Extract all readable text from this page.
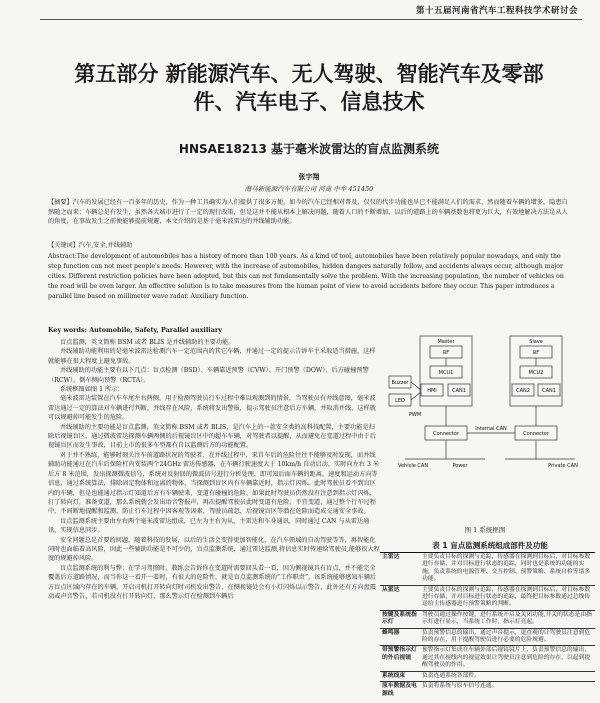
第十五届河南省汽车工程科技学术研讨会
第五部分 新能源汽车、无人驾驶、智能汽车及零部
件、汽车电子、信息技术
HNSAE18213 基于毫米波雷达的盲点监测系统
张宇翔
海马新能源汽车有限公司 河南 中牟 451450
【摘要】汽车的发展已经有一百多年的历史，作为一种工具确实为人们提供了很多方便，如今的汽车已经相对普及，仅仅的代步功能也早已不能满足人们的需求，然而随着车辆的增多，隐患自然随之而来；车辆总是有发生，虽然各大城市进行了一定的现行改策，但是这并不能从根本上解决问题，随着人口的不断增加，以后的道路上的车辆基数也将更为巨大，有效地解决方法是从人的角度，在事故发生之前便能够提前规避，本文介绍的是基于毫米波雷达的并线辅助功能。
【关键词】汽车,安全,并线辅助
Abstract:The development of automobiles has a history of more than 100 years. As a kind of tool, automobiles have been relatively popular nowadays, and only the step function can not meet people's needs. However, with the increase of automobiles, hidden dangers naturally follow, and accidents always occur, although major cities. Different restriction policies have been adopted, but this can not fundamentally solve the problem. With the increasing population, the number of vehicles on the road will be even larger. An effective solution is to take measures from the human point of view to avoid accidents before they occur. This paper introduces a parallel line based on millimeter wave radar. Auxiliary function.
Key words: Automobile, Safety, Parallel auxiliary

盲点监测，英文简称 BSM 或者 BLIS 是并线辅助的主要功能。

并线辅助功能利用的是毫米波雷达检测汽车一定范围内的其它车辆，并通过一定的提示告诉车主采取适当措施，这样就能够在很大程度上避免事故。

并线辅助的功能主要有以下几点：盲点检测（BSD）、车辆靠近预警（CVW）、开门预警（DOW）、后方碰撞预警（RCW）、倒车侧向预警（RCTA）。

系统框图如图 1 所示：

毫米波雷达装置在汽车车尾左右两侧，用于检测驾驶员行车过程中难以观测到的情景，当驾驶员有并线意图，毫米波雷达通过一定的算法对车辆进行判断，并线存在风险，系统将发出警报，提示驾驶员注意后方车辆，并取消并线，这样就可以规避掉可能发生的危险。

并线辅助的主要功能是盲点监测，英文简称 BSM 或者 BLIS，是汽车上的一款安全类的高科技配置，主要功能是扫除后视镜盲区，通过微波雷达探测车辆两侧的后视镜盲区中的超车车辆，对驾驶者以提醒，从而避免在变道过程中由于后视镜盲区而发生事故，目前上市的很多车型都有自以监测后方的功能配置。

对于并不熟练，能够时刻关注车前道路状况的驾驶者，在并线过程中，来自车后的危险往往不能够及时发现，而并线辅助功能通过在汽车后保险杠内安装两个24GHz 雷达传感器，在车辆行驶速度大于 10km/h 自动启动，实时向左右 3 米后方 8 米范围，发出探测微波信号，系统对反射回的微波信号进行分析处理，即可知后面车辆的距离、速度和运动方向等信息，通过系统算法，排除固定物体和远离的物体，当探测到盲区内有车辆靠近时，指示灯闪烁，此时驾驶员看不到盲区内的车辆，但是也能通过指示灯知道后方有车辆驶来，变道有碰撞的危险，如果此时驾驶员仍然没有注意到指示灯闪烁，打了转向灯，准备变道，那么系统就会发出语音警报声，再次提醒驾驶员此时变道有危险，不宜变道，通过整个行车过程中，不间断地提醒和监测，防止行车过程中因客观等因素，驾驶员疏忽，后视镜盲区等潜在危险而造成交通安全事故。

盲点监测系统主要由左右两个毫米波雷达组成，已左为主右为从，主雷达和车身通讯，同时通过 CAN 与从雷达通讯，实现信息同步。

安全问题总是首要的问题，随着科技的发展，以后的生活会变得更加智能化，在汽车领域的自动驾驶等等，再智能化同时也面临着高风险，因此一些辅助功能是不可少的，盲点监测系统，通过雷达监测,将信息实时传递给驾驶员,能够很大程度的规避掉风险。

盲点监测系统的利与弊：在学习驾照时，教练会告诉你在变道时需要回头看一看，因为侧视镜具有盲点，并不能完全覆盖后方道路情况，而当你这一看开一看时，有很大的危险性，就是盲点监测系统的“工作职责”，该系统能够感知车辆后方盲点区域内存在的车辆，开启司机打开转向灯时司机发出警告，在侧视镜处会有小灯闪烁以示警告，此外还有方向盘震动或声音警告，若司机没有打开转向灯，那么警示灯在检测到车辆后

Master	Slave
RF
MCU1
RF
MCU2
HMI	CAN1	CAN2 CAN1
Buzzer
LED
PWM
Connector	Connector
Internal CAN
Vehicle CAN	Power	Private CAN
图 1 系统框图
表 1 盲点监测系统组成部件及功能
主雷达	主要负责目标的探测与追踪，传感器在探测到目标后，对目标参数进行存储，并对目标进行状态的追踪，同时也是系统的功能的实施，负责系统的电源管理、交互控制、预警策略、系统自检等诸多功能。
从雷达	主要负责目标的探测与追踪，传感器在探测到目标后，对目标参数进行存储，并对目标进行状态的追踪，最终把目标参数通过总线传送给主传感器进行预警策略的判断。
按键及系统指示灯	驾驶员通过操作按键，进行系统开启及关闭功能,开关的状态是由指示灯进行显示，当系统工作时，指示灯亮起。
蜂鸣器	负责预警信息的输出，通过声音提示，更直观的让驾驶员注意到危险的存在，用于提醒驾驶员进行必要的危险规避。
带预警指示灯的外后视镜	预警指示灯集成在车辆外部后视镜镜片上，负责预警信息的输出，通过其在视线内的视觉效果让驾驶员注意到危险的存在，以起到提醒驾驶员的作用。
系统线束	负责连通系统各部件。
原车数据及电源线	负责将系统与原车信号连通。
